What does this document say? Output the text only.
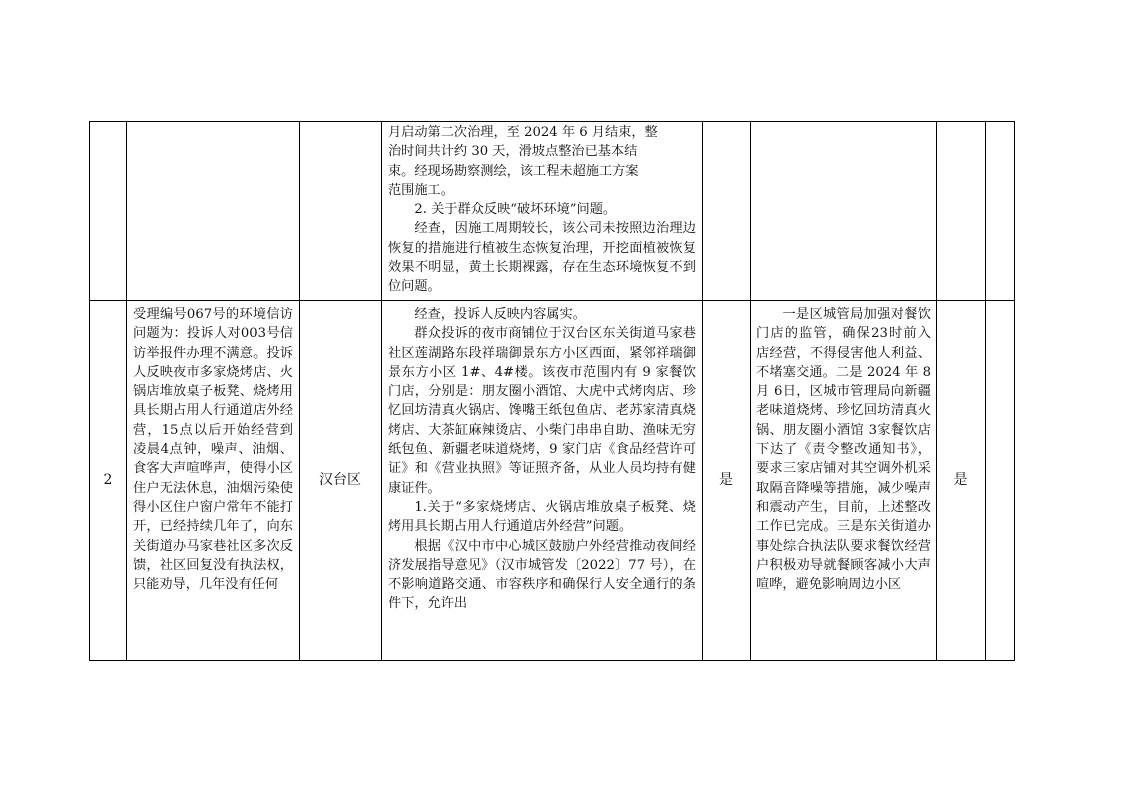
月启动第二次治理，至 2024 年 6 月结束，整

治时间共计约 30 天，滑坡点整治已基本结

束。经现场勘察测绘，该工程未超施工方案

范围施工。

2. 关于群众反映“破坏环境”问题。

经查，因施工周期较长，该公司未按照边治理边恢复的措施进行植被生态恢复治理，开挖面植被恢复效果不明显，黄土长期裸露，存在生态环境恢复不到位问题。

2

受理编号067号的环境信访问题为：投诉人对003号信访举报件办理不满意。投诉人反映夜市多家烧烤店、火锅店堆放桌子板凳、烧烤用具长期占用人行通道店外经营，15点以后开始经营到凌晨4点钟，噪声、油烟、食客大声喧哗声，使得小区住户无法休息，油烟污染使得小区住户窗户常年不能打开，已经持续几年了，向东关街道办马家巷社区多次反馈，社区回复没有执法权，只能劝导，几年没有任何

汉台区

经查，投诉人反映内容属实。

群众投诉的夜市商铺位于汉台区东关街道马家巷社区莲湖路东段祥瑞御景东方小区西面，紧邻祥瑞御景东方小区 1#、4#楼。该夜市范围内有 9 家餐饮门店，分别是：朋友圈小酒馆、大虎中式烤肉店、珍忆回坊清真火锅店、馋嘴王纸包鱼店、老苏家清真烧烤店、大茶缸麻辣烫店、小柴门串串自助、渔味无穷纸包鱼、新疆老味道烧烤，9 家门店《食品经营许可证》和《营业执照》等证照齐备，从业人员均持有健康证件。

1.关于“多家烧烤店、火锅店堆放桌子板凳、烧烤用具长期占用人行通道店外经营”问题。

根据《汉中市中心城区鼓励户外经营推动夜间经济发展指导意见》（汉市城管发〔2022〕77 号），在不影响道路交通、市容秩序和确保行人安全通行的条件下，允许出

是

一是区城管局加强对餐饮门店的监管，确保23时前入店经营，不得侵害他人利益、不堵塞交通。二是 2024 年 8 月 6日，区城市管理局向新疆老味道烧烤、珍忆回坊清真火锅、朋友圈小酒馆 3家餐饮店下达了《责令整改通知书》，要求三家店铺对其空调外机采取隔音降噪等措施，减少噪声和震动产生，目前，上述整改工作已完成。三是东关街道办事处综合执法队要求餐饮经营户积极劝导就餐顾客减小大声喧哗，避免影响周边小区

是
